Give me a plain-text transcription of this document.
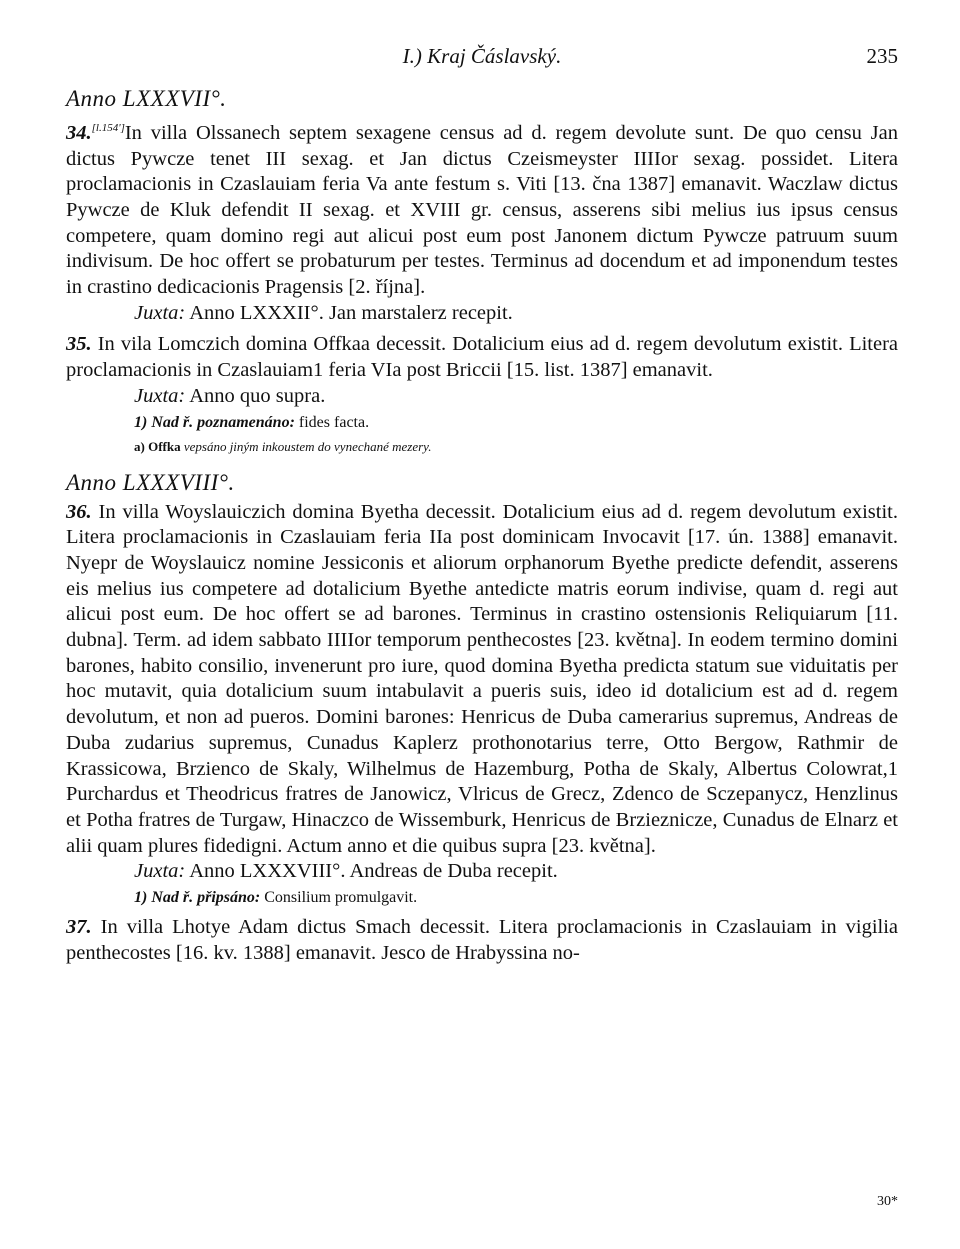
I.) Kraj Čáslavský.	235
Anno LXXXVII°.

34.[l.154']In villa Olssanech septem sexagene census ad d. regem devolute sunt. De quo censu Jan dictus Pywcze tenet III sexag. et Jan dictus Czeismeyster IIIIor sexag. possidet. Litera proclamacionis in Czaslauiam feria Va ante festum s. Viti [13. čna 1387] emanavit. Waczlaw dictus Pywcze de Kluk defendit II sexag. et XVIII gr. census, asserens sibi melius ius ipsus census competere, quam domino regi aut alicui post eum post Janonem dictum Pywcze patruum suum indivisum. De hoc offert se probaturum per testes. Terminus ad docendum et ad imponendum testes in crastino dedicacionis Pragensis [2. října].

Juxta: Anno LXXXII°. Jan marstalerz recepit.

35. In vila Lomczich domina Offkaa decessit. Dotalicium eius ad d. regem devolutum existit. Litera proclamacionis in Czaslauiam1 feria VIa post Briccii [15. list. 1387] emanavit.

Juxta: Anno quo supra.
1) Nad ř. poznamenáno: fides facta.
a) Offka vepsáno jiným inkoustem do vynechané mezery.
Anno LXXXVIII°.

36. In villa Woyslauiczich domina Byetha decessit. Dotalicium eius ad d. regem devolutum existit. Litera proclamacionis in Czaslauiam feria IIa post dominicam Invocavit [17. ún. 1388] emanavit. Nyepr de Woyslauicz nomine Jessiconis et aliorum orphanorum Byethe predicte defendit, asserens eis melius ius competere ad dotalicium Byethe antedicte matris eorum indivise, quam d. regi aut alicui post eum. De hoc offert se ad barones. Terminus in crastino ostensionis Reliquiarum [11. dubna]. Term. ad idem sabbato IIIIor temporum penthecostes [23. května]. In eodem termino domini barones, habito consilio, invenerunt pro iure, quod domina Byetha predicta statum sue viduitatis per hoc mutavit, quia dotalicium suum intabulavit a pueris suis, ideo id dotalicium est ad d. regem devolutum, et non ad pueros. Domini barones: Henricus de Duba camerarius supremus, Andreas de Duba zudarius supremus, Cunadus Kaplerz prothonotarius terre, Otto Bergow, Rathmir de Krassicowa, Brzienco de Skaly, Wilhelmus de Hazemburg, Potha de Skaly, Albertus Colowrat,1 Purchardus et Theodricus fratres de Janowicz, Vlricus de Grecz, Zdenco de Sczepanycz, Henzlinus et Potha fratres de Turgaw, Hinaczco de Wissemburk, Henricus de Brzieznicze, Cunadus de Elnarz et alii quam plures fidedigni. Actum anno et die quibus supra [23. května].

Juxta: Anno LXXXVIII°. Andreas de Duba recepit.
1) Nad ř. připsáno: Consilium promulgavit.

37. In villa Lhotye Adam dictus Smach decessit. Litera proclamacionis in Czaslauiam in vigilia penthecostes [16. kv. 1388] emanavit. Jesco de Hrabyssina no-

30*
